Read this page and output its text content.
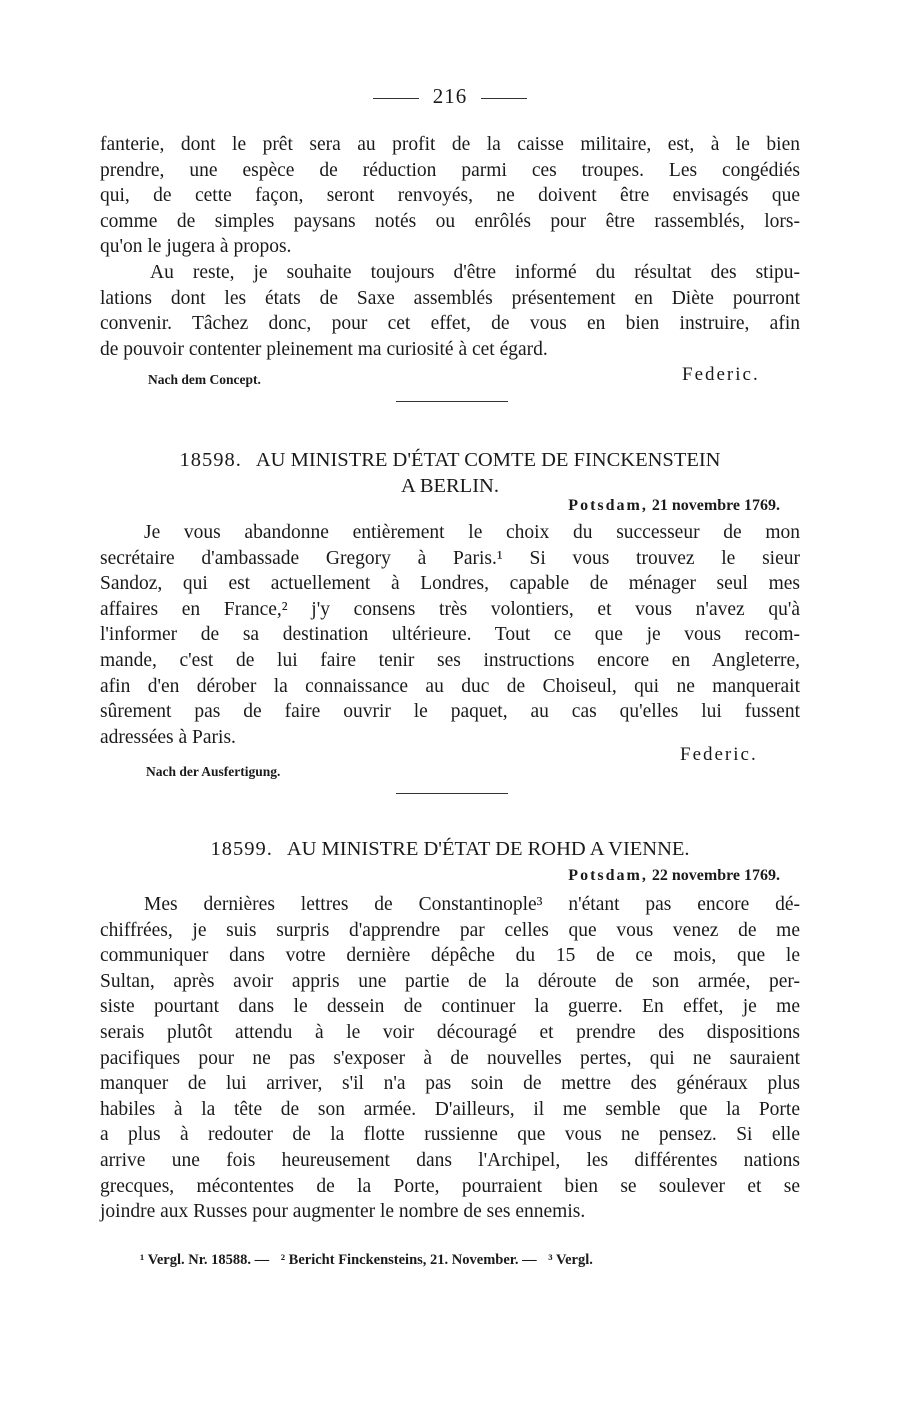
216
fanterie, dont le prêt sera au profit de la caisse militaire, est, à le bien
prendre, une espèce de réduction parmi ces troupes. Les congédiés
qui, de cette façon, seront renvoyés, ne doivent être envisagés que
comme de simples paysans notés ou enrôlés pour être rassemblés, lors-
qu'on le jugera à propos.
Au reste, je souhaite toujours d'être informé du résultat des stipu-
lations dont les états de Saxe assemblés présentement en Diète pourront
convenir. Tâchez donc, pour cet effet, de vous en bien instruire, afin
de pouvoir contenter pleinement ma curiosité à cet égard.
Nach dem Concept.	Federic.
18598. AU MINISTRE D'ÉTAT COMTE DE FINCKENSTEIN
A BERLIN.
Potsdam, 21 novembre 1769.
Je vous abandonne entièrement le choix du successeur de mon
secrétaire d'ambassade Gregory à Paris.¹ Si vous trouvez le sieur
Sandoz, qui est actuellement à Londres, capable de ménager seul mes
affaires en France,² j'y consens très volontiers, et vous n'avez qu'à
l'informer de sa destination ultérieure. Tout ce que je vous recom-
mande, c'est de lui faire tenir ses instructions encore en Angleterre,
afin d'en dérober la connaissance au duc de Choiseul, qui ne manquerait
sûrement pas de faire ouvrir le paquet, au cas qu'elles lui fussent
adressées à Paris.
Federic.
Nach der Ausfertigung.
18599. AU MINISTRE D'ÉTAT DE ROHD A VIENNE.
Potsdam, 22 novembre 1769.
Mes dernières lettres de Constantinople³ n'étant pas encore dé-
chiffrées, je suis surpris d'apprendre par celles que vous venez de me
communiquer dans votre dernière dépêche du 15 de ce mois, que le
Sultan, après avoir appris une partie de la déroute de son armée, per-
siste pourtant dans le dessein de continuer la guerre. En effet, je me
serais plutôt attendu à le voir découragé et prendre des dispositions
pacifiques pour ne pas s'exposer à de nouvelles pertes, qui ne sauraient
manquer de lui arriver, s'il n'a pas soin de mettre des généraux plus
habiles à la tête de son armée. D'ailleurs, il me semble que la Porte
a plus à redouter de la flotte russienne que vous ne pensez. Si elle
arrive une fois heureusement dans l'Archipel, les différentes nations
grecques, mécontentes de la Porte, pourraient bien se soulever et se
joindre aux Russes pour augmenter le nombre de ses ennemis.
¹ Vergl. Nr. 18588. — ² Bericht Finckensteins, 21. November. — ³ Vergl.
